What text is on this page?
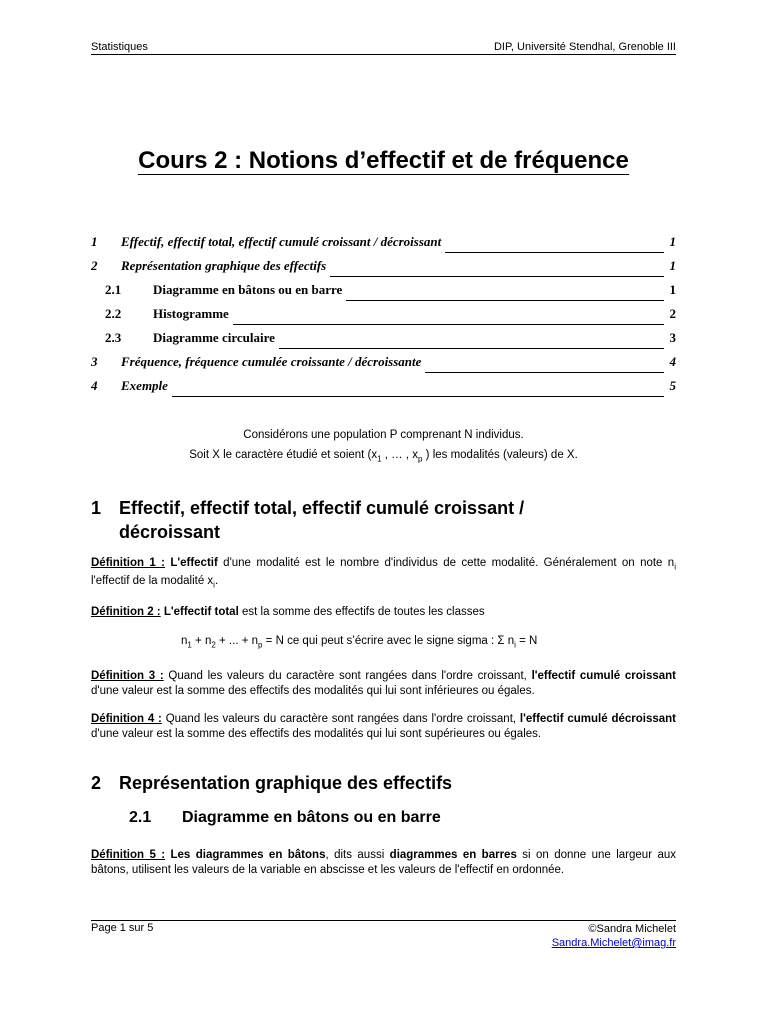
Statistiques	DIP, Université Stendhal, Grenoble III
Cours 2 : Notions d’effectif et de fréquence
1	Effectif, effectif total, effectif cumulé croissant / décroissant	1
2	Représentation graphique des effectifs	1
2.1	Diagramme en bâtons ou en barre	1
2.2	Histogramme	2
2.3	Diagramme circulaire	3
3	Fréquence, fréquence cumulée croissante / décroissante	4
4	Exemple	5
Considérons une population P comprenant N individus.
Soit X le caractère étudié et soient ($x_1$ , … , $x_p$ ) les modalités (valeurs) de X.
1 Effectif, effectif total, effectif cumulé croissant / décroissant
Définition 1 : L'effectif d'une modalité est le nombre d'individus de cette modalité. Généralement on note $n_i$ l'effectif de la modalité $x_i$.
Définition 2 : L'effectif total est la somme des effectifs de toutes les classes
$n_1 + n_2$ + ... + $n_p = N$ ce qui peut s’écrire avec le signe sigma : Σ $n_i = N$
Définition 3 : Quand les valeurs du caractère sont rangées dans l'ordre croissant, l'effectif cumulé croissant d'une valeur est la somme des effectifs des modalités qui lui sont inférieures ou égales.
Définition 4 : Quand les valeurs du caractère sont rangées dans l'ordre croissant, l'effectif cumulé décroissant d'une valeur est la somme des effectifs des modalités qui lui sont supérieures ou égales.
2 Représentation graphique des effectifs
2.1 Diagramme en bâtons ou en barre
Définition 5 : Les diagrammes en bâtons, dits aussi diagrammes en barres si on donne une largeur aux bâtons, utilisent les valeurs de la variable en abscisse et les valeurs de l'effectif en ordonnée.
Page 1 sur 5	©Sandra Michelet
Sandra.Michelet@imag.fr
